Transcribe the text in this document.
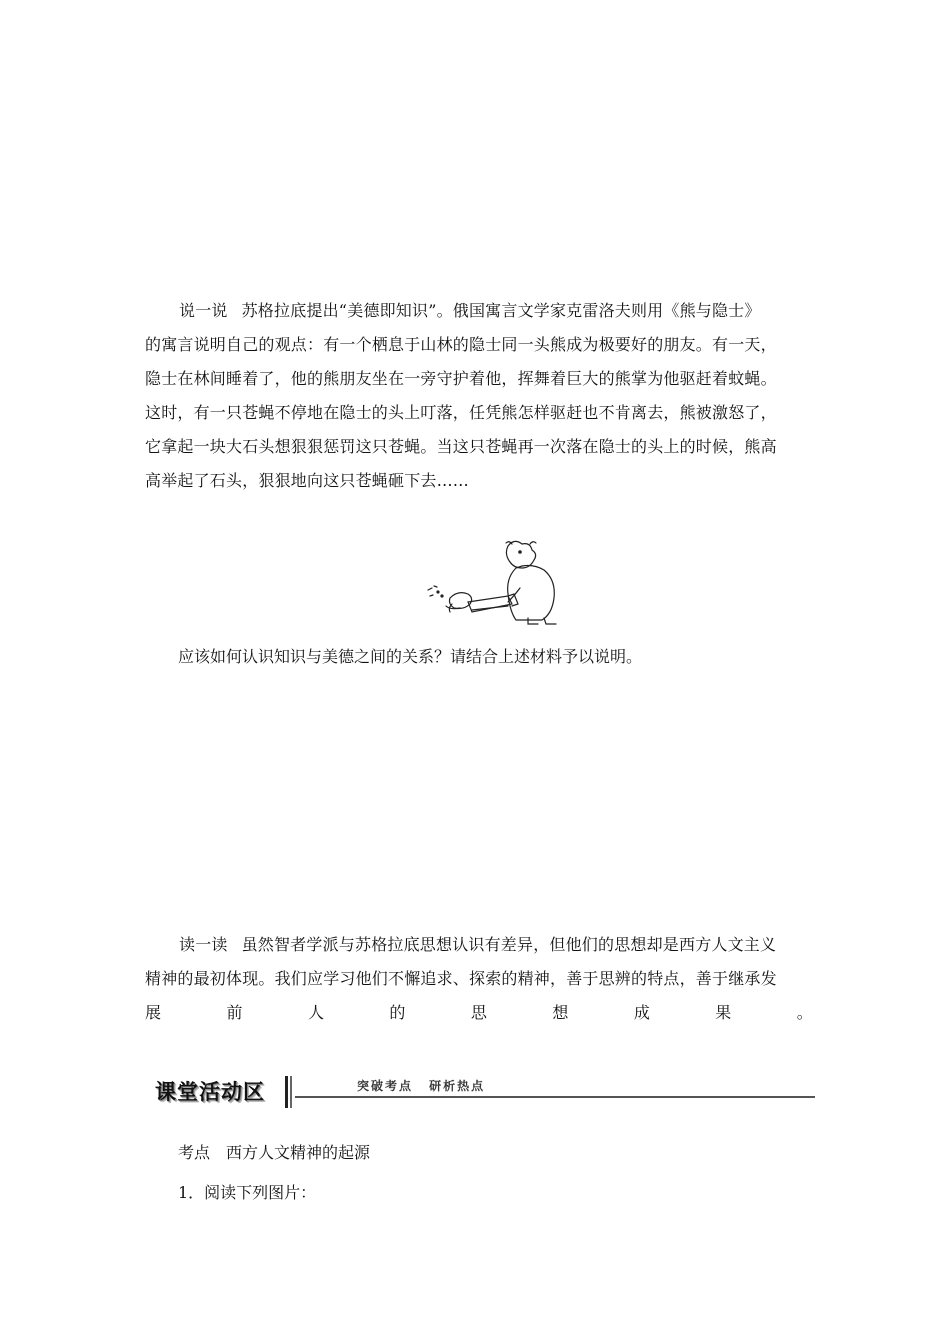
说一说 苏格拉底提出“美德即知识”。俄国寓言文学家克雷洛夫则用《熊与隐士》

的寓言说明自己的观点：有一个栖息于山林的隐士同一头熊成为极要好的朋友。有一天，

隐士在林间睡着了，他的熊朋友坐在一旁守护着他，挥舞着巨大的熊掌为他驱赶着蚊蝇。

这时，有一只苍蝇不停地在隐士的头上叮落，任凭熊怎样驱赶也不肯离去，熊被激怒了，

它拿起一块大石头想狠狠惩罚这只苍蝇。当这只苍蝇再一次落在隐士的头上的时候，熊高

高举起了石头，狠狠地向这只苍蝇砸下去……

应该如何认识知识与美德之间的关系？请结合上述材料予以说明。

读一读 虽然智者学派与苏格拉底思想认识有差异，但他们的思想却是西方人文主义

精神的最初体现。我们应学习他们不懈追求、探索的精神，善于思辨的特点，善于继承发

展	前	人	的	思	想	成	果	。

课堂活动区	突破考点 研析热点
考点　西方人文精神的起源
1．阅读下列图片：
